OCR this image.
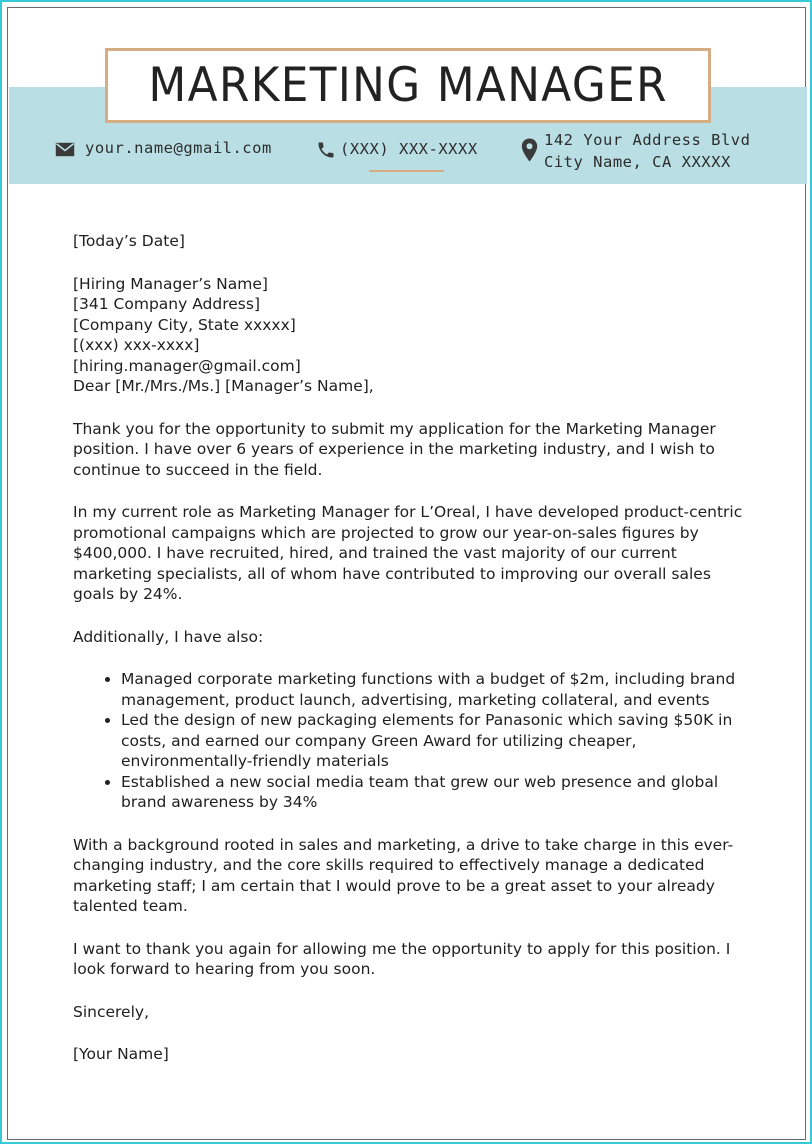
MARKETING MANAGER
your.name@gmail.com	(XXX) XXX-XXXX	142 Your Address Blvd
City Name, CA XXXXX

[Today’s Date]

[Hiring Manager’s Name]

[341 Company Address]

[Company City, State xxxxx]

[(xxx) xxx-xxxx]

[hiring.manager@gmail.com]

Dear [Mr./Mrs./Ms.] [Manager’s Name],

Thank you for the opportunity to submit my application for the Marketing Manager position. I have over 6 years of experience in the marketing industry, and I wish to continue to succeed in the field.

In my current role as Marketing Manager for L’Oreal, I have developed product-centric promotional campaigns which are projected to grow our year-on-sales figures by $400,000. I have recruited, hired, and trained the vast majority of our current marketing specialists, all of whom have contributed to improving our overall sales goals by 24%.

Additionally, I have also:

• Managed corporate marketing functions with a budget of $2m, including brand management, product launch, advertising, marketing collateral, and events
• Led the design of new packaging elements for Panasonic which saving $50K in costs, and earned our company Green Award for utilizing cheaper, environmentally-friendly materials
• Established a new social media team that grew our web presence and global brand awareness by 34%

With a background rooted in sales and marketing, a drive to take charge in this ever-changing industry, and the core skills required to effectively manage a dedicated marketing staff; I am certain that I would prove to be a great asset to your already talented team.

I want to thank you again for allowing me the opportunity to apply for this position. I look forward to hearing from you soon.

Sincerely,

[Your Name]
